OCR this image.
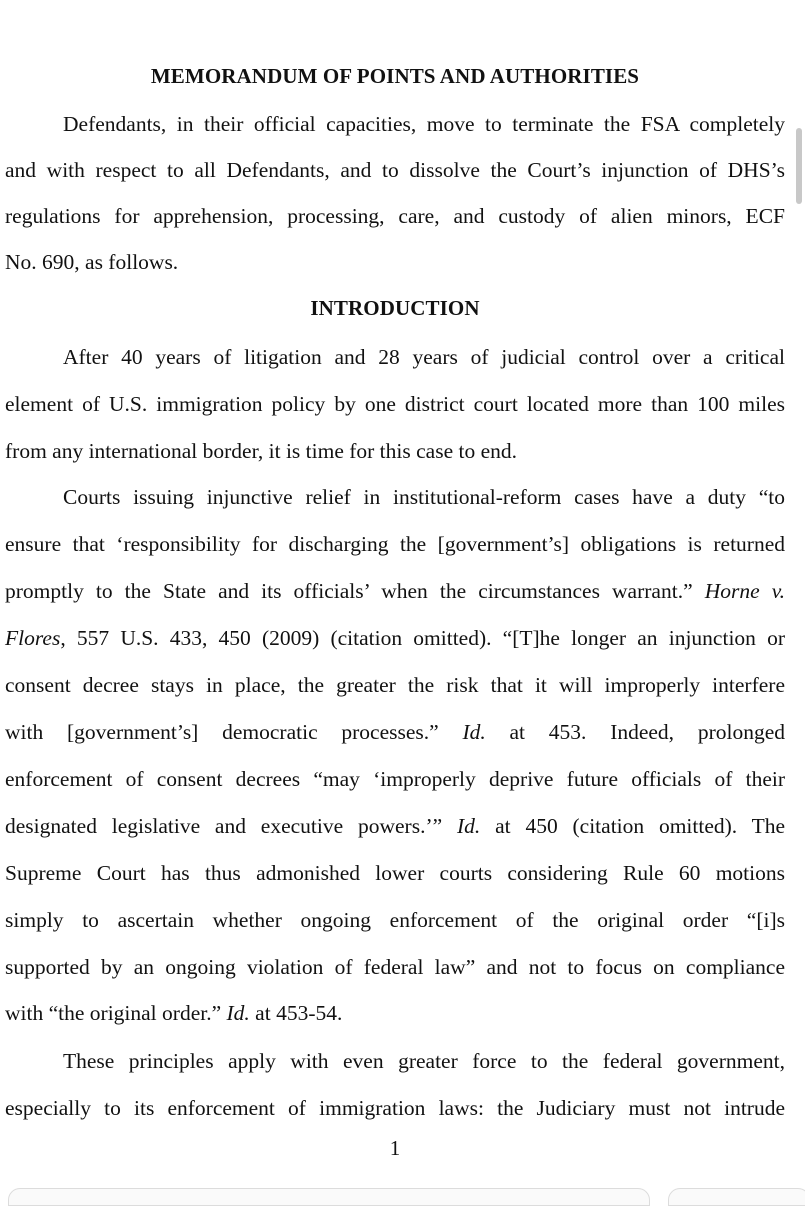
MEMORANDUM OF POINTS AND AUTHORITIES
Defendants, in their official capacities, move to terminate the FSA completely
and with respect to all Defendants, and to dissolve the Court’s injunction of DHS’s
regulations for apprehension, processing, care, and custody of alien minors, ECF
No. 690, as follows.
INTRODUCTION
After 40 years of litigation and 28 years of judicial control over a critical
element of U.S. immigration policy by one district court located more than 100 miles
from any international border, it is time for this case to end.
Courts issuing injunctive relief in institutional-reform cases have a duty “to
ensure that ‘responsibility for discharging the [government’s] obligations is returned
promptly to the State and its officials’ when the circumstances warrant.” Horne v.
Flores, 557 U.S. 433, 450 (2009) (citation omitted). “[T]he longer an injunction or
consent decree stays in place, the greater the risk that it will improperly interfere
with [government’s] democratic processes.” Id. at 453. Indeed, prolonged
enforcement of consent decrees “may ‘improperly deprive future officials of their
designated legislative and executive powers.’” Id. at 450 (citation omitted). The
Supreme Court has thus admonished lower courts considering Rule 60 motions
simply to ascertain whether ongoing enforcement of the original order “[i]s
supported by an ongoing violation of federal law” and not to focus on compliance
with “the original order.” Id. at 453-54.
These principles apply with even greater force to the federal government,
especially to its enforcement of immigration laws: the Judiciary must not intrude
1
